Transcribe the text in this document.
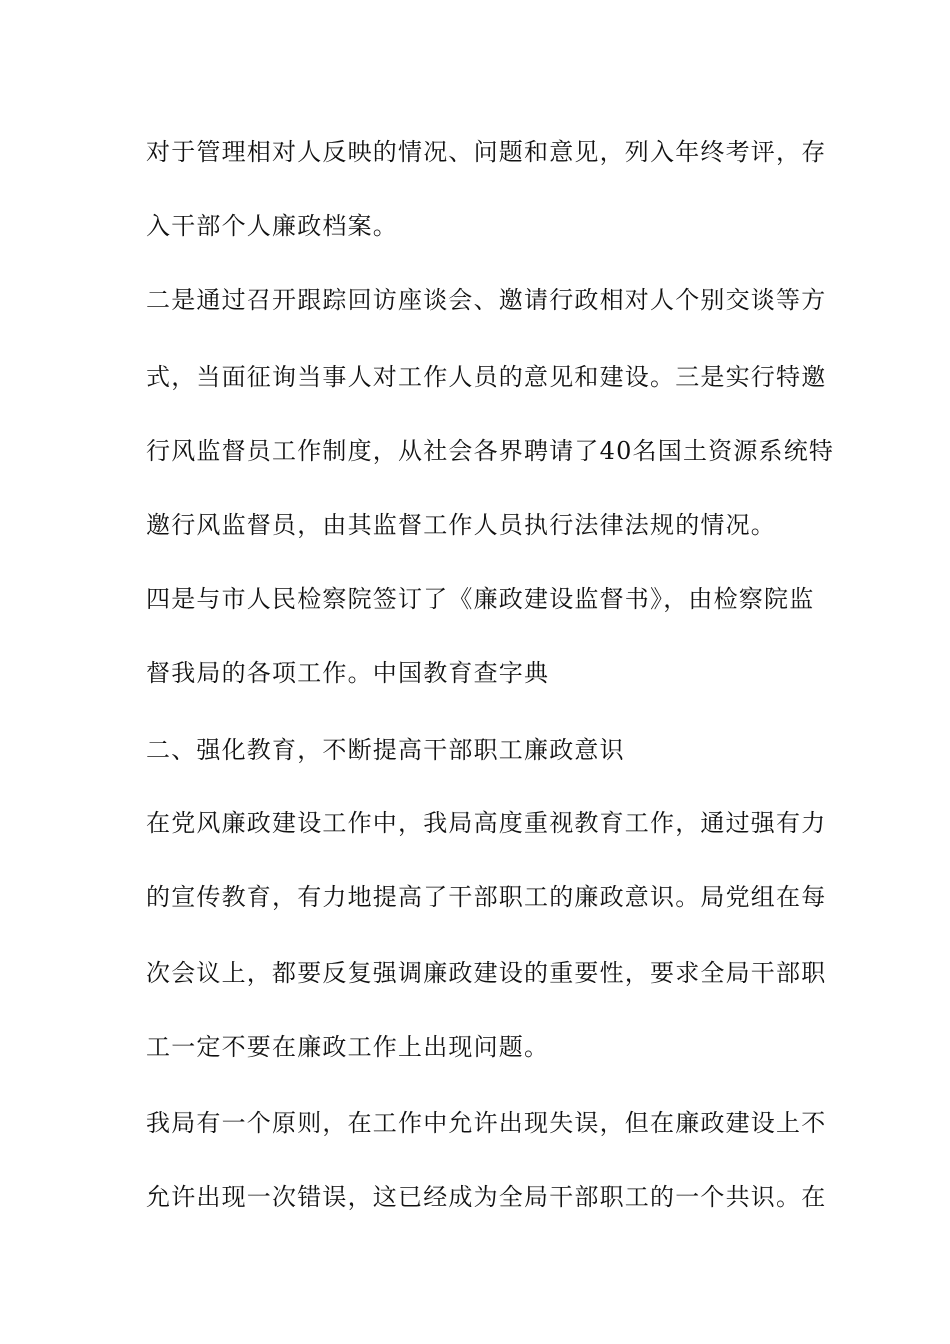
对于管理相对人反映的情况、问题和意见，列入年终考评，存
入干部个人廉政档案。
二是通过召开跟踪回访座谈会、邀请行政相对人个别交谈等方
式，当面征询当事人对工作人员的意见和建设。三是实行特邀
行风监督员工作制度，从社会各界聘请了40名国土资源系统特
邀行风监督员，由其监督工作人员执行法律法规的情况。
四是与市人民检察院签订了《廉政建设监督书》，由检察院监
督我局的各项工作。中国教育查字典
二、强化教育，不断提高干部职工廉政意识
在党风廉政建设工作中，我局高度重视教育工作，通过强有力
的宣传教育，有力地提高了干部职工的廉政意识。局党组在每
次会议上，都要反复强调廉政建设的重要性，要求全局干部职
工一定不要在廉政工作上出现问题。
我局有一个原则，在工作中允许出现失误，但在廉政建设上不
允许出现一次错误，这已经成为全局干部职工的一个共识。在
